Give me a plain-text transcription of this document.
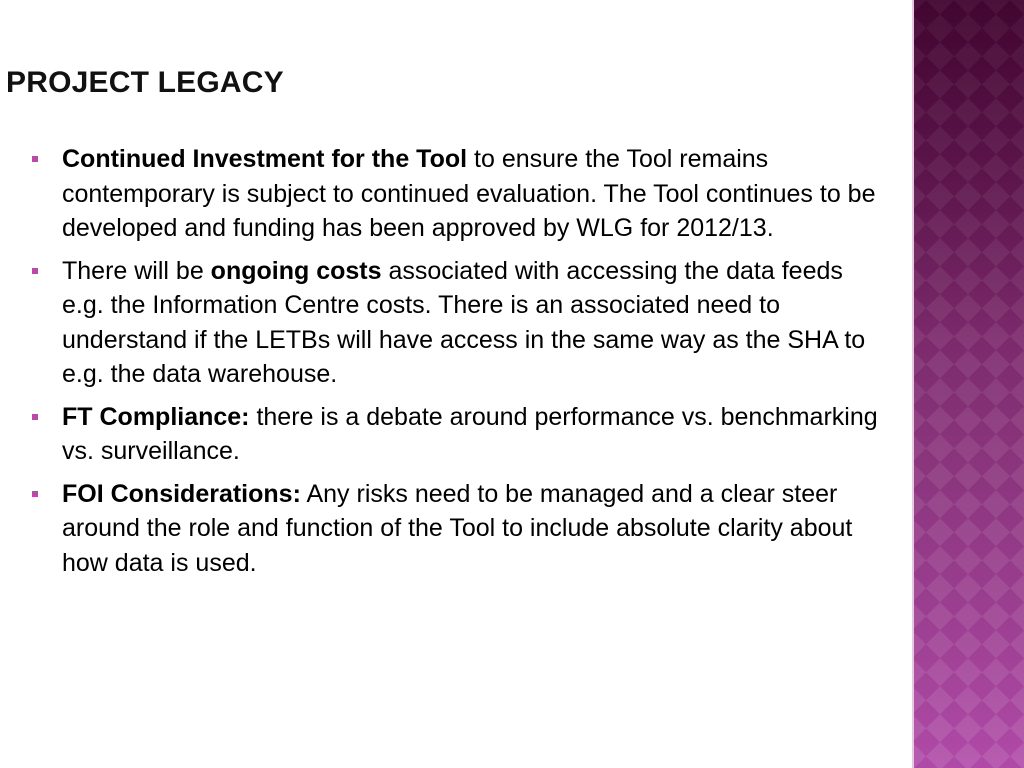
PROJECT LEGACY
Continued Investment for the Tool to ensure the Tool remains contemporary is subject to continued evaluation. The Tool continues to be developed and funding has been approved by WLG for 2012/13.
There will be ongoing costs associated with accessing the data feeds e.g. the Information Centre costs. There is an associated need to understand if the LETBs will have access in the same way as the SHA to e.g. the data warehouse.
FT Compliance: there is a debate around performance vs. benchmarking vs. surveillance.
FOI Considerations: Any risks need to be managed and a clear steer around the role and function of the Tool to include absolute clarity about how data is used.
